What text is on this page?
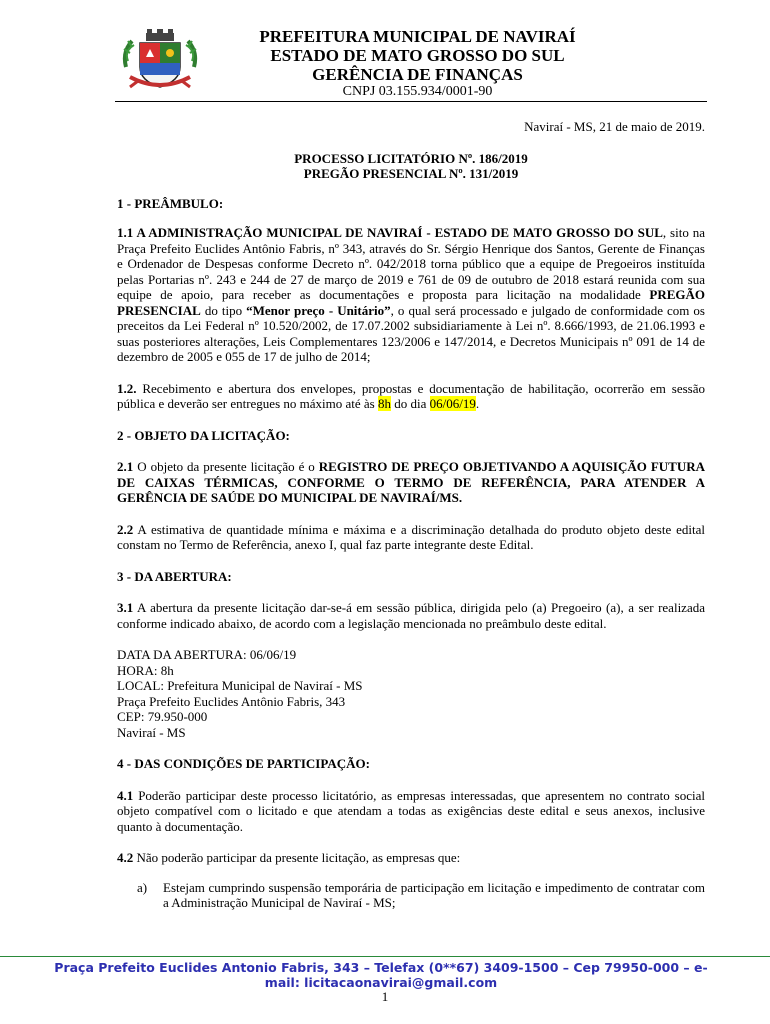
PREFEITURA MUNICIPAL DE NAVIRAÍ

ESTADO DE MATO GROSSO DO SUL

GERÊNCIA DE FINANÇAS

CNPJ 03.155.934/0001-90

Naviraí - MS, 21 de maio de 2019.

PROCESSO LICITATÓRIO Nº. 186/2019

PREGÃO PRESENCIAL Nº. 131/2019

1 - PREÂMBULO:

1.1 A ADMINISTRAÇÃO MUNICIPAL DE NAVIRAÍ - ESTADO DE MATO GROSSO DO SUL, sito na Praça Prefeito Euclides Antônio Fabris, nº 343, através do Sr. Sérgio Henrique dos Santos, Gerente de Finanças e Ordenador de Despesas conforme Decreto nº. 042/2018 torna público que a equipe de Pregoeiros instituída pelas Portarias nº. 243 e 244 de 27 de março de 2019 e 761 de 09 de outubro de 2018 estará reunida com sua equipe de apoio, para receber as documentações e proposta para licitação na modalidade PREGÃO PRESENCIAL do tipo “Menor preço - Unitário”, o qual será processado e julgado de conformidade com os preceitos da Lei Federal nº 10.520/2002, de 17.07.2002 subsidiariamente à Lei nº. 8.666/1993, de 21.06.1993 e suas posteriores alterações, Leis Complementares 123/2006 e 147/2014, e Decretos Municipais nº 091 de 14 de dezembro de 2005 e 055 de 17 de julho de 2014;

1.2. Recebimento e abertura dos envelopes, propostas e documentação de habilitação, ocorrerão em sessão pública e deverão ser entregues no máximo até às 8h do dia 06/06/19.

2 - OBJETO DA LICITAÇÃO:

2.1 O objeto da presente licitação é o REGISTRO DE PREÇO OBJETIVANDO A AQUISIÇÃO FUTURA DE CAIXAS TÉRMICAS, CONFORME O TERMO DE REFERÊNCIA, PARA ATENDER A GERÊNCIA DE SAÚDE DO MUNICIPAL DE NAVIRAÍ/MS.

2.2 A estimativa de quantidade mínima e máxima e a discriminação detalhada do produto objeto deste edital constam no Termo de Referência, anexo I, qual faz parte integrante deste Edital.

3 - DA ABERTURA:

3.1 A abertura da presente licitação dar-se-á em sessão pública, dirigida pelo (a) Pregoeiro (a), a ser realizada conforme indicado abaixo, de acordo com a legislação mencionada no preâmbulo deste edital.

DATA DA ABERTURA: 06/06/19

HORA: 8h

LOCAL: Prefeitura Municipal de Naviraí - MS

Praça Prefeito Euclides Antônio Fabris, 343

CEP: 79.950-000

Naviraí - MS

4 - DAS CONDIÇÕES DE PARTICIPAÇÃO:

4.1 Poderão participar deste processo licitatório, as empresas interessadas, que apresentem no contrato social objeto compatível com o licitado e que atendam a todas as exigências deste edital e seus anexos, inclusive quanto à documentação.

4.2 Não poderão participar da presente licitação, as empresas que:

a)	Estejam cumprindo suspensão temporária de participação em licitação e impedimento de contratar com a Administração Municipal de Naviraí - MS;
Praça Prefeito Euclides Antonio Fabris, 343 – Telefax (0**67) 3409-1500 – Cep 79950-000 – e-
mail: licitacaonavirai@gmail.com
1
